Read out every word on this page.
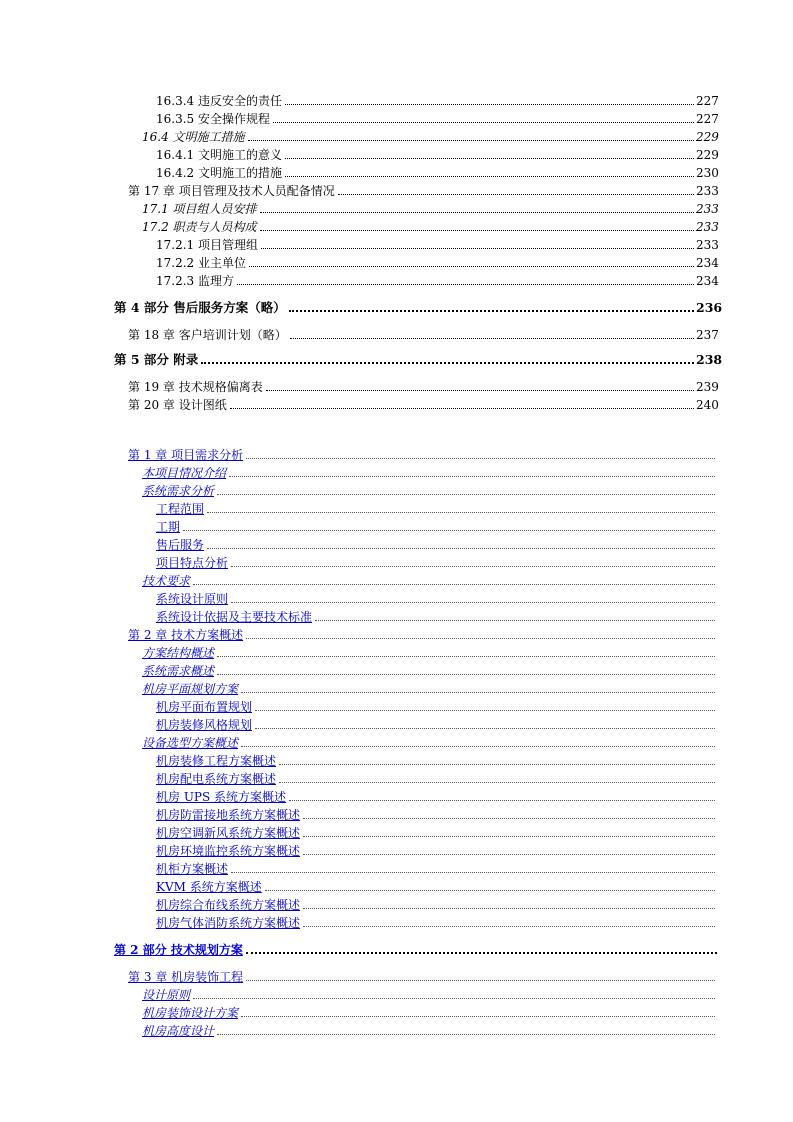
16.3.4 违反安全的责任	227
16.3.5 安全操作规程	227
16.4 文明施工措施	229
16.4.1 文明施工的意义	229
16.4.2 文明施工的措施	230
第 17 章 项目管理及技术人员配备情况	233
17.1 项目组人员安排	233
17.2 职责与人员构成	233
17.2.1 项目管理组	233
17.2.2 业主单位	234
17.2.3 监理方	234
第 4 部分 售后服务方案（略）	236
第 18 章 客户培训计划（略）	237
第 5 部分 附录	238
第 19 章 技术规格偏离表	239
第 20 章 设计图纸	240
第 1 章 项目需求分析
本项目情况介绍
系统需求分析
工程范围
工期
售后服务
项目特点分析
技术要求
系统设计原则
系统设计依据及主要技术标准
第 2 章 技术方案概述
方案结构概述
系统需求概述
机房平面规划方案
机房平面布置规划
机房装修风格规划
设备选型方案概述
机房装修工程方案概述
机房配电系统方案概述
机房 UPS 系统方案概述
机房防雷接地系统方案概述
机房空调新风系统方案概述
机房环境监控系统方案概述
机柜方案概述
KVM 系统方案概述
机房综合布线系统方案概述
机房气体消防系统方案概述
第 2 部分 技术规划方案
第 3 章 机房装饰工程
设计原则
机房装饰设计方案
机房高度设计
